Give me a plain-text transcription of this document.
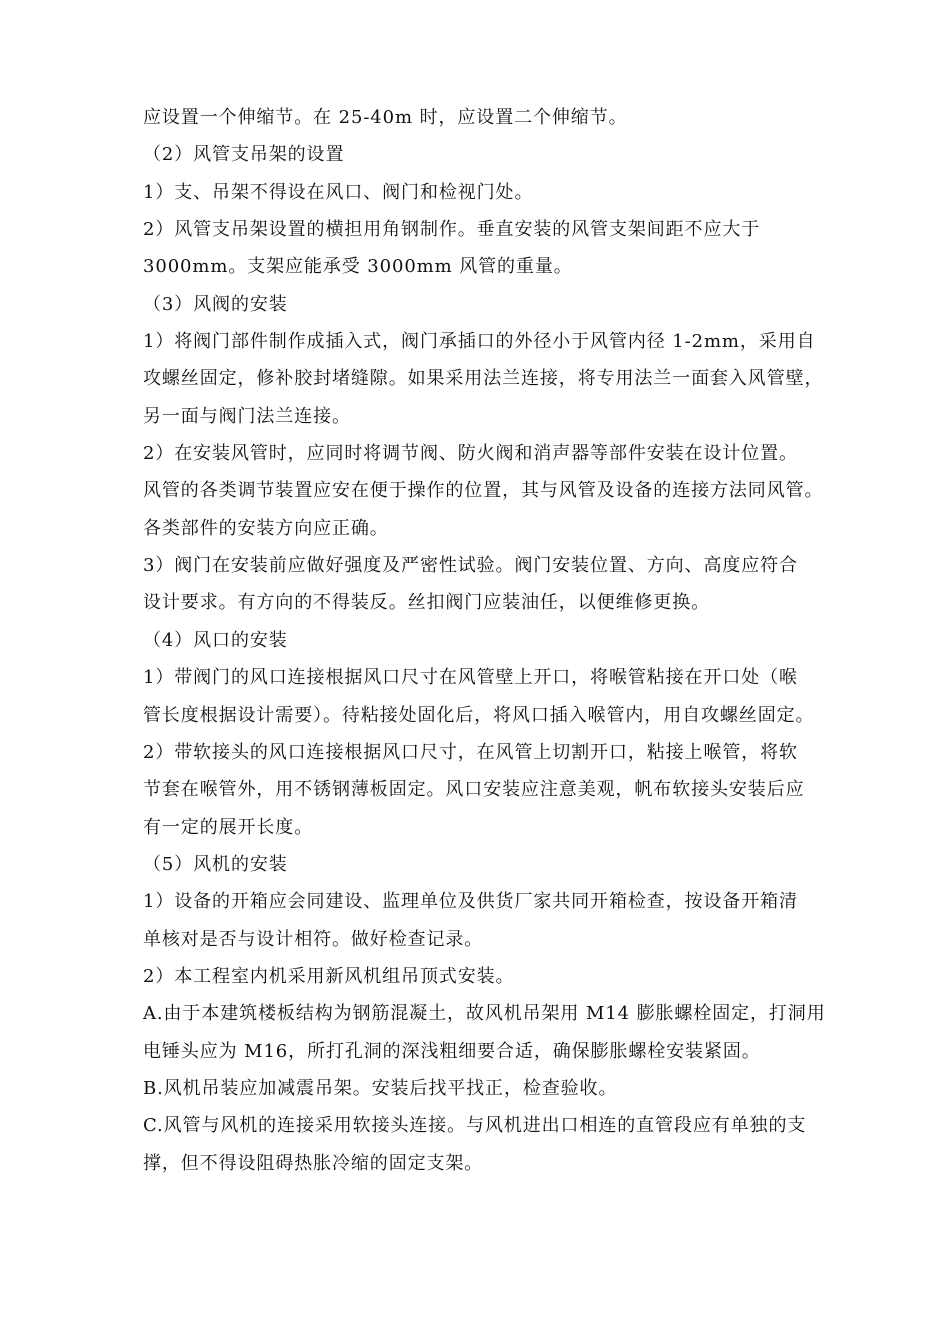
应设置一个伸缩节。在 25-40m 时，应设置二个伸缩节。
（2）风管支吊架的设置
1）支、吊架不得设在风口、阀门和检视门处。
2）风管支吊架设置的横担用角钢制作。垂直安装的风管支架间距不应大于
3000mm。支架应能承受 3000mm 风管的重量。
（3）风阀的安装
1）将阀门部件制作成插入式，阀门承插口的外径小于风管内径 1-2mm，采用自
攻螺丝固定，修补胶封堵缝隙。如果采用法兰连接，将专用法兰一面套入风管壁，
另一面与阀门法兰连接。
2）在安装风管时，应同时将调节阀、防火阀和消声器等部件安装在设计位置。
风管的各类调节装置应安在便于操作的位置，其与风管及设备的连接方法同风管。
各类部件的安装方向应正确。
3）阀门在安装前应做好强度及严密性试验。阀门安装位置、方向、高度应符合
设计要求。有方向的不得装反。丝扣阀门应装油任，以便维修更换。
（4）风口的安装
1）带阀门的风口连接根据风口尺寸在风管壁上开口，将喉管粘接在开口处（喉
管长度根据设计需要）。待粘接处固化后，将风口插入喉管内，用自攻螺丝固定。
2）带软接头的风口连接根据风口尺寸，在风管上切割开口，粘接上喉管，将软
节套在喉管外，用不锈钢薄板固定。风口安装应注意美观，帆布软接头安装后应
有一定的展开长度。
（5）风机的安装
1）设备的开箱应会同建设、监理单位及供货厂家共同开箱检查，按设备开箱清
单核对是否与设计相符。做好检查记录。
2）本工程室内机采用新风机组吊顶式安装。
A.由于本建筑楼板结构为钢筋混凝土，故风机吊架用 M14 膨胀螺栓固定，打洞用
电锤头应为 M16，所打孔洞的深浅粗细要合适，确保膨胀螺栓安装紧固。
B.风机吊装应加减震吊架。安装后找平找正，检查验收。
C.风管与风机的连接采用软接头连接。与风机进出口相连的直管段应有单独的支
撑，但不得设阻碍热胀冷缩的固定支架。
